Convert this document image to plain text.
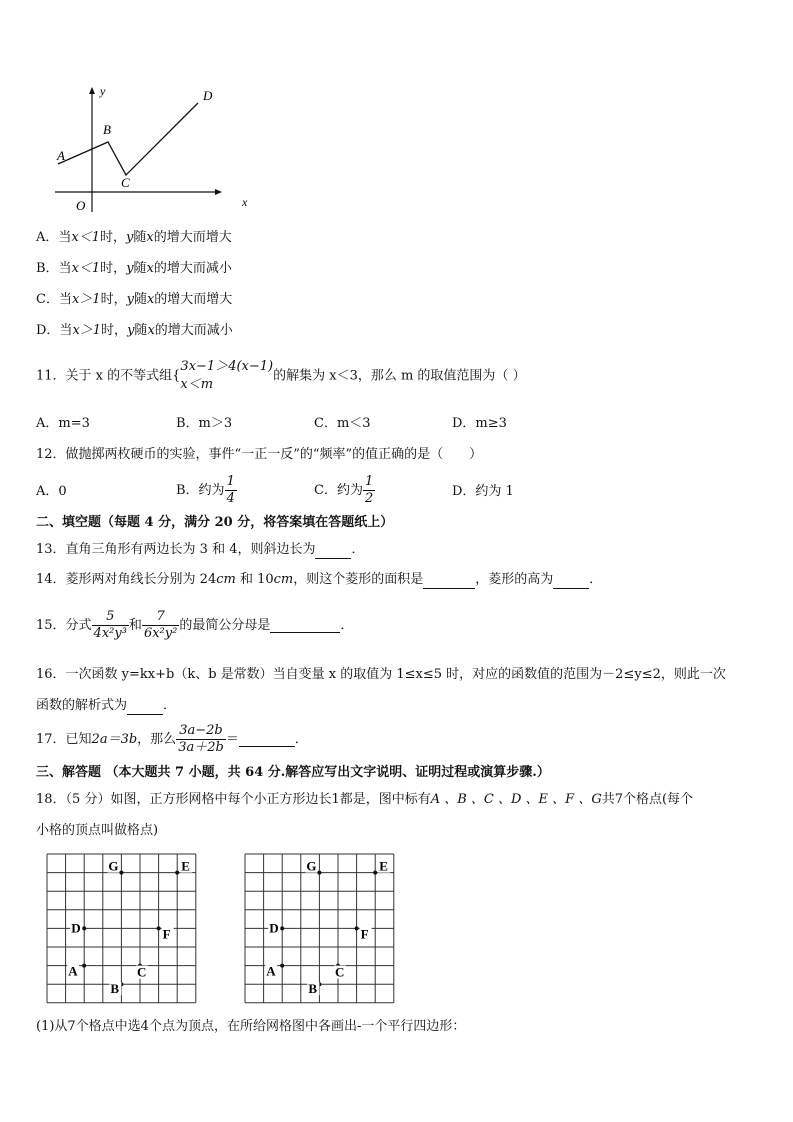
y
x
O
A
B
C
D
A．当x＜1时，y随x的增大而增大
B．当x＜1时，y随x的增大而减小
C．当x＞1时，y随x的增大而增大
D．当x＞1时，y随x的增大而减小
11．关于 x 的不等式组{
3x−1＞4(x−1)
x＜m
的解集为 x＜3，那么 m 的取值范围为（ ）
A．m=3	B．m＞3	C．m＜3	D．m≥3
12．做抛掷两枚硬币的实验，事件“一正一反”的“频率”的值正确的是（　　）
A．0	B．约为 $\frac{1}{4}$	C．约为 $\frac{1}{2}$	D．约为 1
二、填空题（每题 4 分，满分 20 分，将答案填在答题纸上）
13．直角三角形有两边长为 3 和 4，则斜边长为	．
14．菱形两对角线长分别为 24cm 和 10cm，则这个菱形的面积是	，菱形的高为	．
15．分式 $\frac{5}{\text{4x²y³}}$ 和 $\frac{7}{\text{6x²y²}}$ 的最简公分母是	．
16．一次函数 y=kx+b（k、b 是常数）当自变量 x 的取值为 1≤x≤5 时，对应的函数值的范围为－2≤y≤2，则此一次
函数的解析式为	．
17．已知2a＝3b，那么 $\frac{3a-2b}{3a+2b}$ ＝	．
三、解答题 （本大题共 7 小题，共 64 分.解答应写出文字说明、证明过程或演算步骤.）
18．（5 分）如图，正方形网格中每个小正方形边长1都是，图中标有A 、B 、C 、D 、E 、F 、G共7个格点(每个
小格的顶点叫做格点)
G	E
D	F
A	C
B
G	E
D	F
A	C
B
(1)从7个格点中选4个点为顶点，在所给网格图中各画出-一个平行四边形：
